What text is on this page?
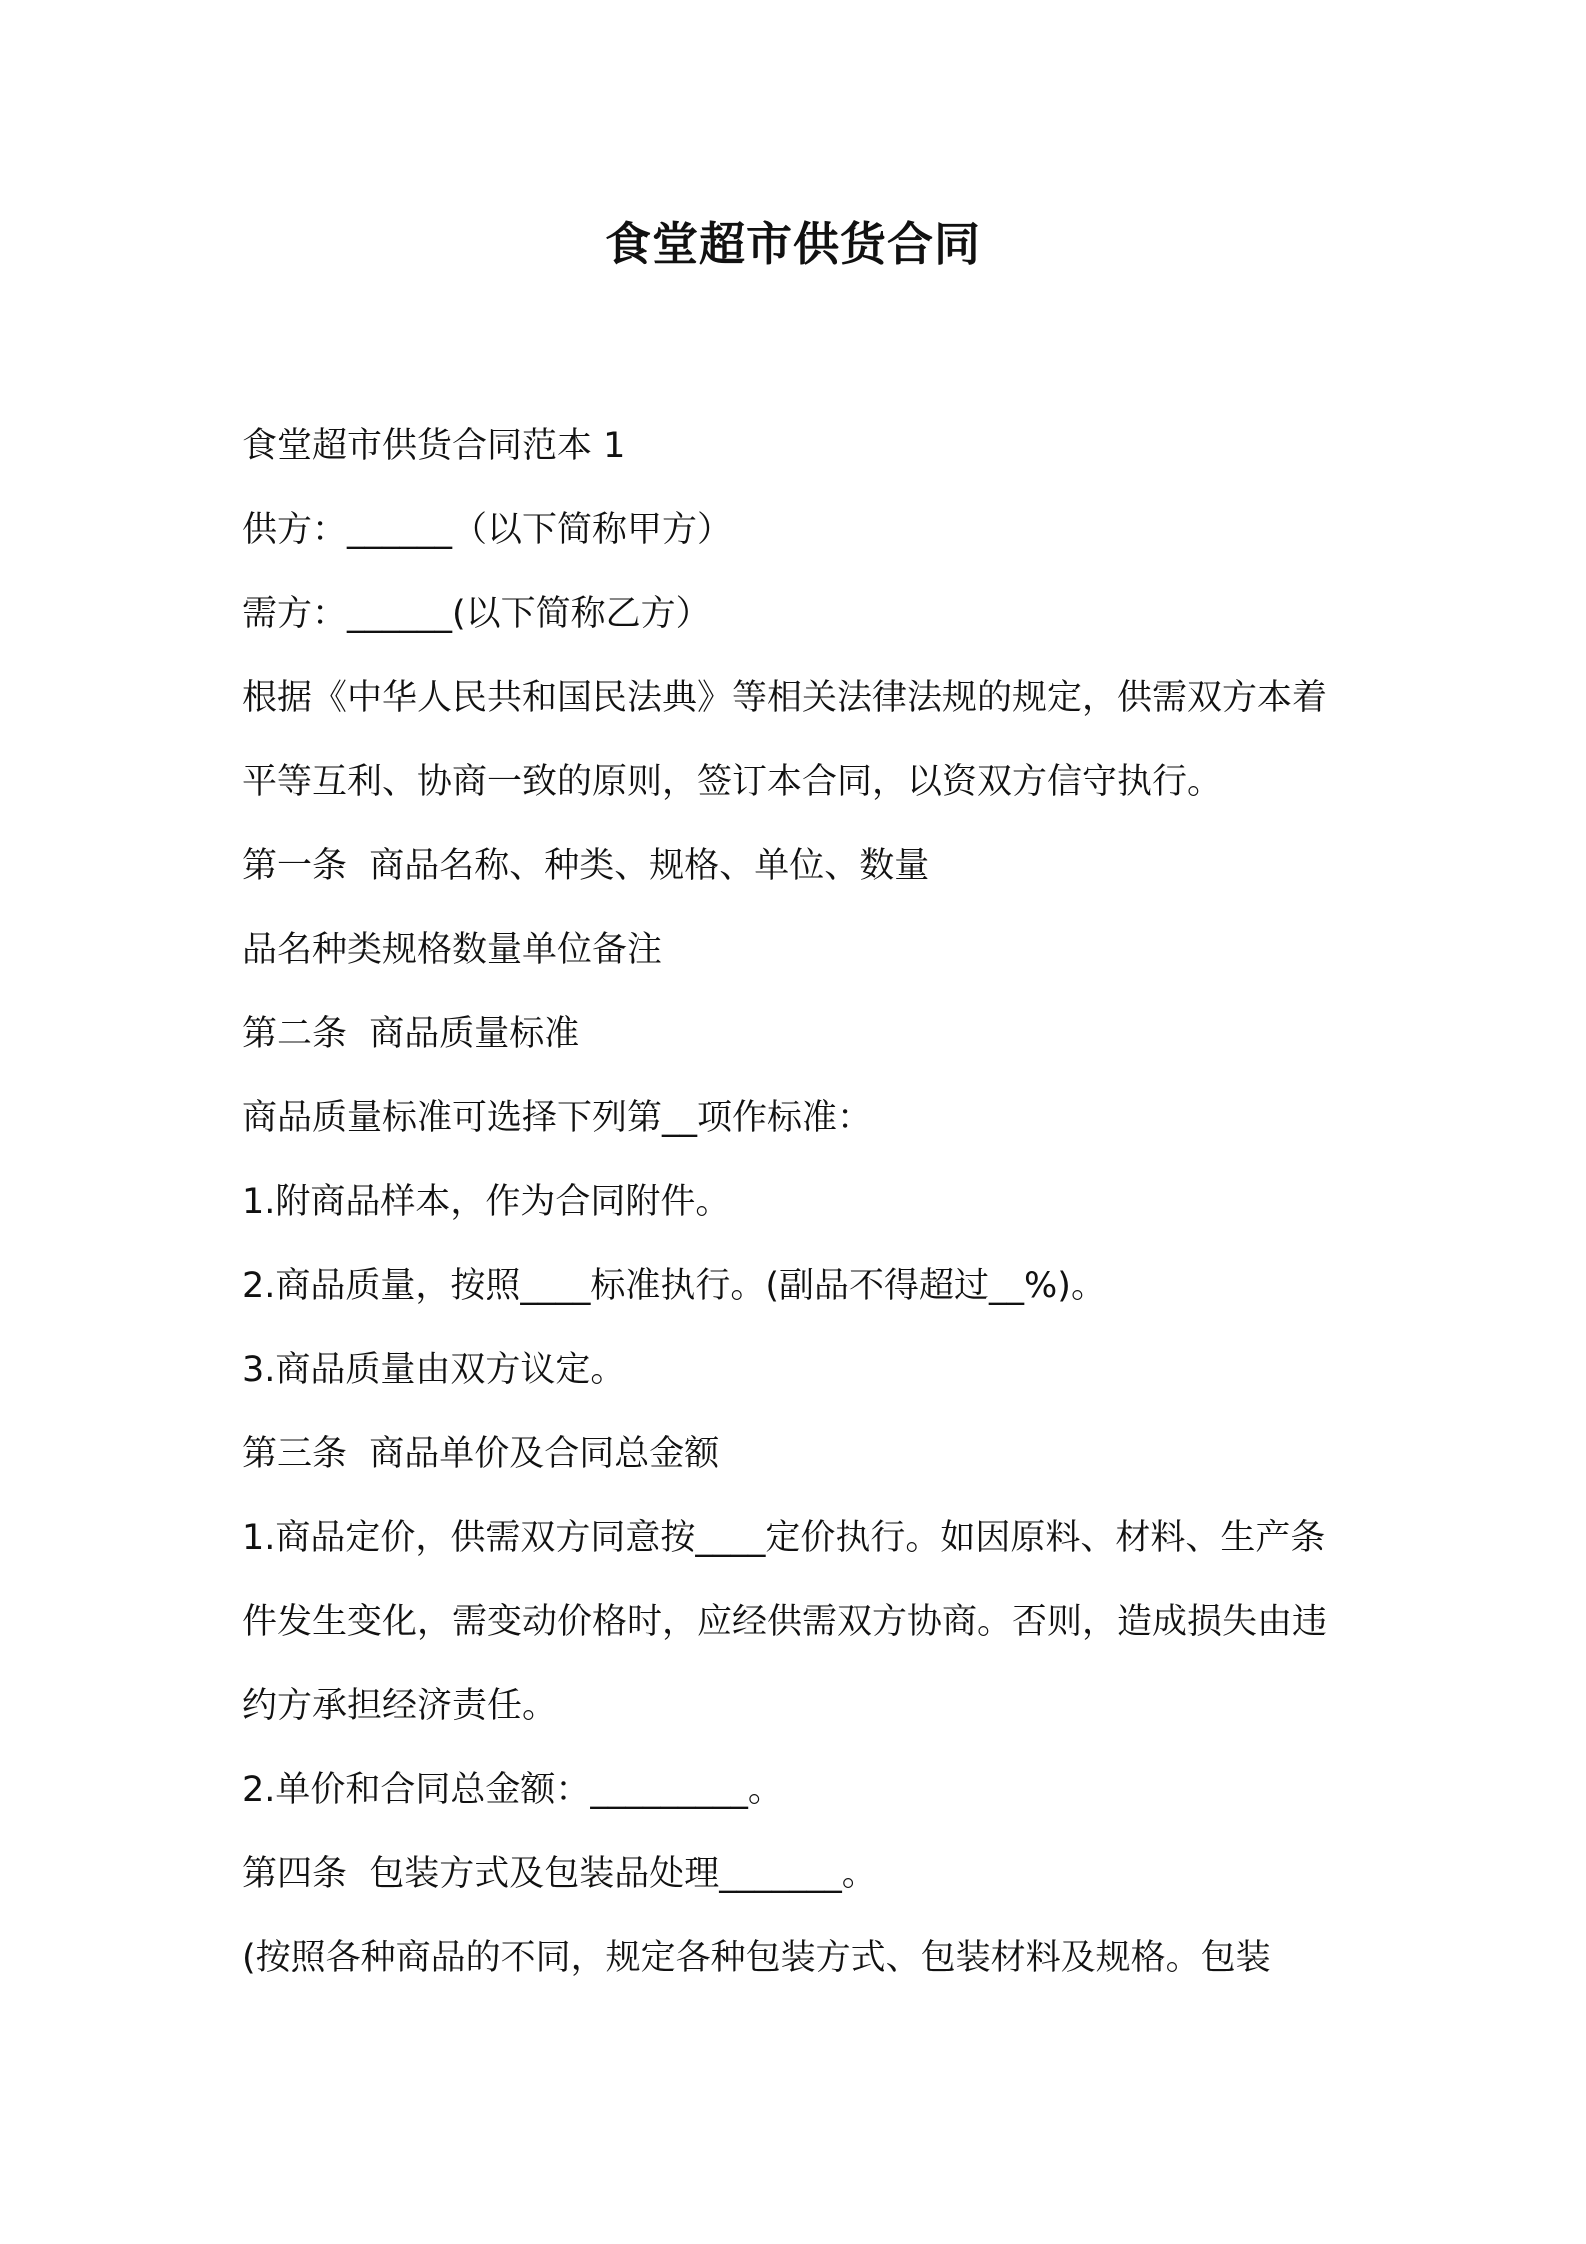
食堂超市供货合同

食堂超市供货合同范本 1

供方：______（以下简称甲方）

需方：______(以下简称乙方）

根据《中华人民共和国民法典》等相关法律法规的规定，供需双方本着平等互利、协商一致的原则，签订本合同，以资双方信守执行。

第一条  商品名称、种类、规格、单位、数量

品名种类规格数量单位备注

第二条  商品质量标准

商品质量标准可选择下列第__项作标准：

1.附商品样本，作为合同附件。

2.商品质量，按照____标准执行。(副品不得超过__%)。

3.商品质量由双方议定。

第三条  商品单价及合同总金额

1.商品定价，供需双方同意按____定价执行。如因原料、材料、生产条件发生变化，需变动价格时，应经供需双方协商。否则，造成损失由违约方承担经济责任。

2.单价和合同总金额：_________。

第四条  包装方式及包装品处理_______。

(按照各种商品的不同，规定各种包装方式、包装材料及规格。包装
